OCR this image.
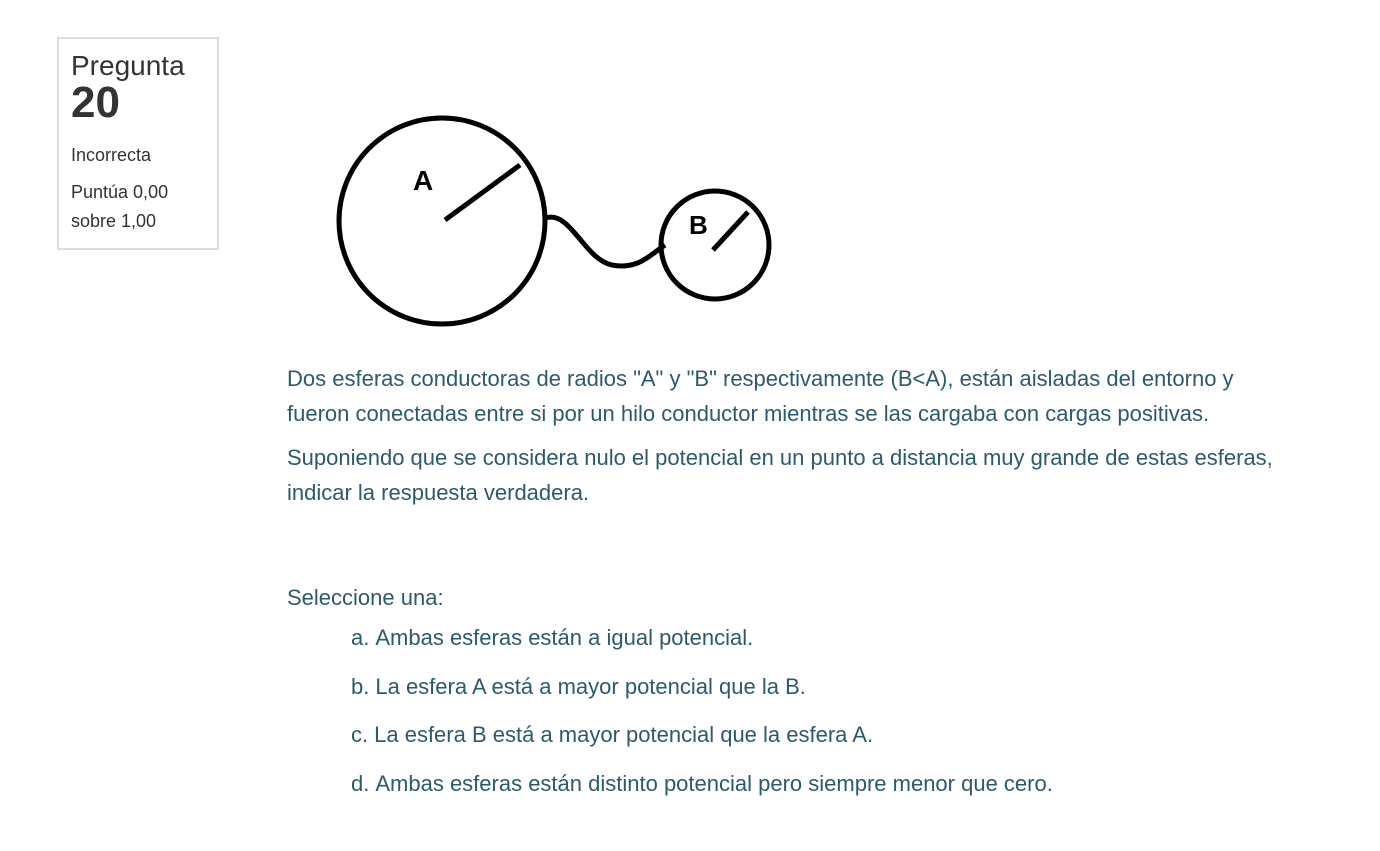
Pregunta
20
Incorrecta
Puntúa 0,00 sobre 1,00
A
B

Dos esferas conductoras de radios "A" y "B" respectivamente (B<A), están aisladas del entorno y fueron conectadas entre si por un hilo conductor mientras se las cargaba con cargas positivas.

Suponiendo que se considera nulo el potencial en un punto a distancia muy grande de estas esferas, indicar la respuesta verdadera.

Seleccione una:
a. Ambas esferas están a igual potencial.
b. La esfera A está a mayor potencial que la B.
c. La esfera B está a mayor potencial que la esfera A.
d. Ambas esferas están distinto potencial pero siempre menor que cero.
